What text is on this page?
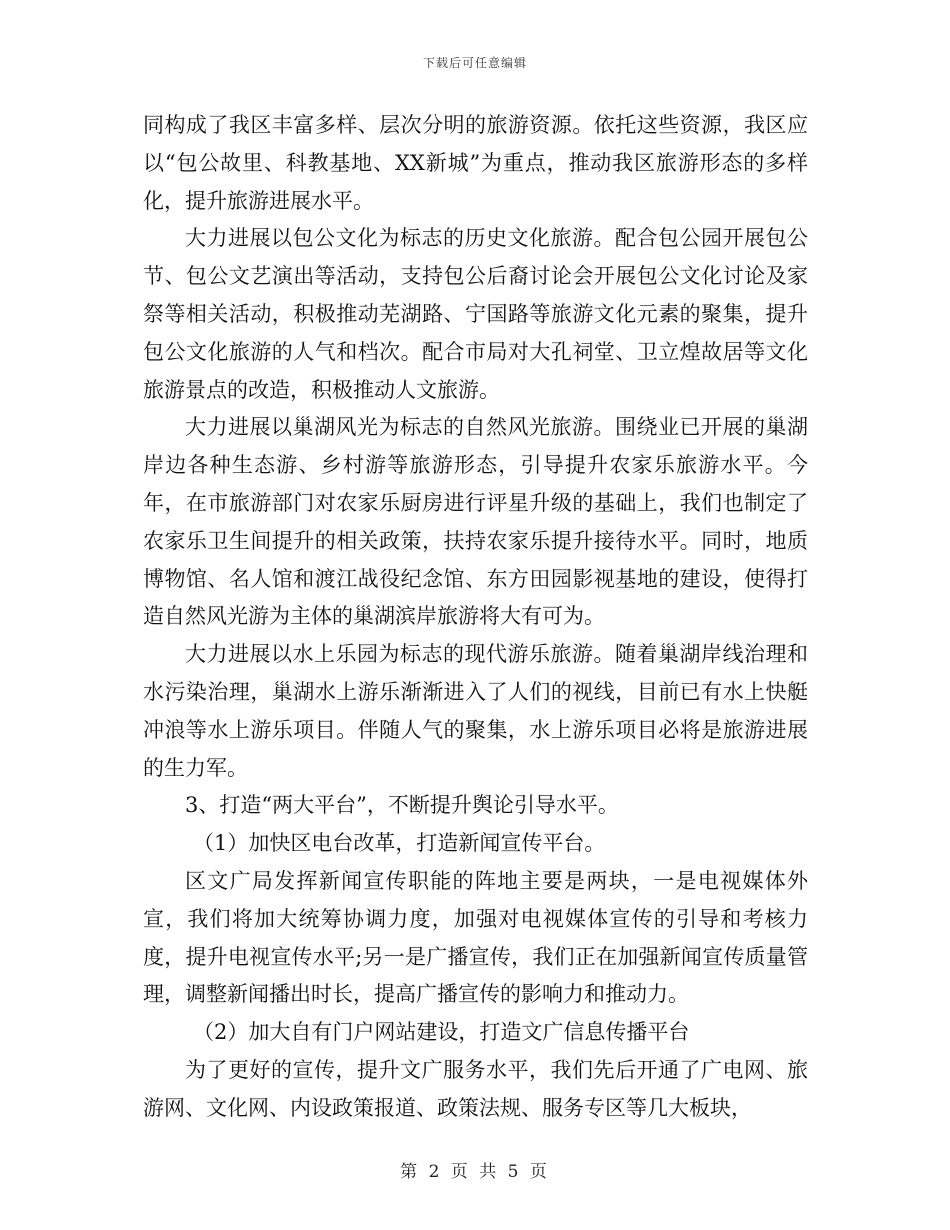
下载后可任意编辑

同构成了我区丰富多样、层次分明的旅游资源。依托这些资源，我区应以“包公故里、科教基地、XX新城”为重点，推动我区旅游形态的多样化，提升旅游进展水平。

大力进展以包公文化为标志的历史文化旅游。配合包公园开展包公节、包公文艺演出等活动，支持包公后裔讨论会开展包公文化讨论及家祭等相关活动，积极推动芜湖路、宁国路等旅游文化元素的聚集，提升包公文化旅游的人气和档次。配合市局对大孔祠堂、卫立煌故居等文化旅游景点的改造，积极推动人文旅游。

大力进展以巢湖风光为标志的自然风光旅游。围绕业已开展的巢湖岸边各种生态游、乡村游等旅游形态，引导提升农家乐旅游水平。今年，在市旅游部门对农家乐厨房进行评星升级的基础上，我们也制定了农家乐卫生间提升的相关政策，扶持农家乐提升接待水平。同时，地质博物馆、名人馆和渡江战役纪念馆、东方田园影视基地的建设，使得打造自然风光游为主体的巢湖滨岸旅游将大有可为。

大力进展以水上乐园为标志的现代游乐旅游。随着巢湖岸线治理和水污染治理，巢湖水上游乐渐渐进入了人们的视线，目前已有水上快艇冲浪等水上游乐项目。伴随人气的聚集，水上游乐项目必将是旅游进展的生力军。

3、打造“两大平台”，不断提升舆论引导水平。

（1）加快区电台改革，打造新闻宣传平台。

区文广局发挥新闻宣传职能的阵地主要是两块，一是电视媒体外宣，我们将加大统筹协调力度，加强对电视媒体宣传的引导和考核力度，提升电视宣传水平;另一是广播宣传，我们正在加强新闻宣传质量管理，调整新闻播出时长，提高广播宣传的影响力和推动力。

（2）加大自有门户网站建设，打造文广信息传播平台

为了更好的宣传，提升文广服务水平，我们先后开通了广电网、旅游网、文化网、内设政策报道、政策法规、服务专区等几大板块，

第 2 页 共 5 页
